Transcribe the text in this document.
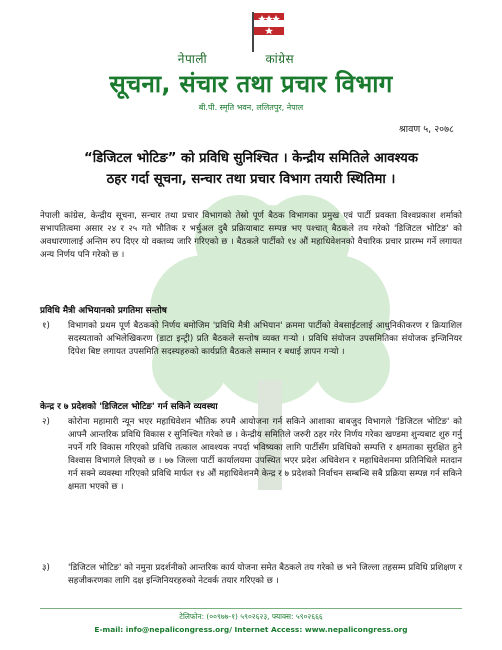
नेपाली	कांग्रेस
सूचना, संचार तथा प्रचार विभाग
बी.पी. स्मृति भवन, ललितपुर, नेपाल
श्रावण ५, २०७८
“डिजिटल भोटिङ” को प्रविधि सुनिश्चित । केन्द्रीय समितिले आवश्यक
ठहर गर्दा सूचना, सन्चार तथा प्रचार विभाग तयारी स्थितिमा ।
नेपाली कांग्रेस, केन्द्रीय सूचना, सन्चार तथा प्रचार विभागको तेस्रो पूर्ण बैठक विभागका प्रमुख एवं पार्टी प्रवक्ता विश्वप्रकाश शर्माको सभापतित्वमा असार २४ र २५ गते भौतिक र भर्चुअल दुबै प्रक्रियाबाट सम्पन्न भए पश्चात् बैठकले तय गरेको 'डिजिटल भोटिङ' को अवधारणालाई अन्तिम रुप दिएर यो वक्तव्य जारि गरिएको छ । बैठकले पार्टीको १४ औं महाधिवेशनको वैचारिक प्रचार प्रारम्भ गर्ने लगायत अन्य निर्णय पनि गरेको छ ।
प्रविधि मैत्री अभियानको प्रगतिमा सन्तोष
१)	विभागको प्रथम पूर्ण बैठकको निर्णय बमोजिम 'प्रविधि मैत्री अभियान' क्रममा पार्टीको वेबसाईटलाई आधुनिकीकरण र क्रियाशिल सदस्यताको अभिलेखिकरण (डाटा इन्ट्री) प्रति बैठकले सन्तोष व्यक्त गर्‍यो । प्रविधि संयोजन उपसमितिका संयोजक इन्जिनियर दिपेश बिष्ट लगायत उपसमिति सदस्यहरुको कार्यप्रति बैठकले सम्मान र बधाई ज्ञापन गर्‍यो ।
केन्द्र र ७ प्रदेशको 'डिजिटल भोटिङ' गर्न सकिने व्यवस्था
२)	कोरोना महामारी न्यून भएर महाधिवेशन भौतिक रुपमै आयोजना गर्न सकिने आशाका बाबजुद विभागले 'डिजिटल भोटिङ' को आफ्नै आन्तरिक प्रविधि विकास र सुनिश्चित गरेको छ । केन्द्रीय समितिले जरुरी ठहर गरेर निर्णय गरेका खण्डमा शुन्यबाट शुरु गर्नु नपर्ने गरि विकास गरिएको प्रविधि तत्काल आवश्यक नपर्दा भविष्यका लागि पार्टीसँग प्रविधिको सम्पत्ति र क्षमताका सुरक्षित हुने विश्वास विभागले लिएको छ । ७७ जिल्ला पार्टी कार्यालयमा उपस्थित भएर प्रदेश अधिवेशन र महाधिवेशनमा प्रतिनिधिले मतदान गर्न सक्ने व्यवस्था गरिएको प्रविधि मार्फत १४ औं महाधिवेशनमै केन्द्र र ७ प्रदेशको निर्वाचन सम्बन्धि सबै प्रक्रिया सम्पन्न गर्न सकिने क्षमता भएको छ ।
३)	'डिजिटल भोटिङ' को नमुना प्रदर्शनीको आन्तरिक कार्य योजना समेत बैठकले तय गरेको छ भने जिल्ला तहसम्म प्रविधि प्रशिक्षण र सहजीकरणका लागि दक्ष इन्जिनियरहरुको नेटवर्क तयार गरिएको छ ।
टेलिफोन: (००९७७-१) ५९०२६२३, फ्याक्स: ५९०२६६६
E-mail: info@nepalicongress.org/ Internet Access: www.nepalicongress.org
